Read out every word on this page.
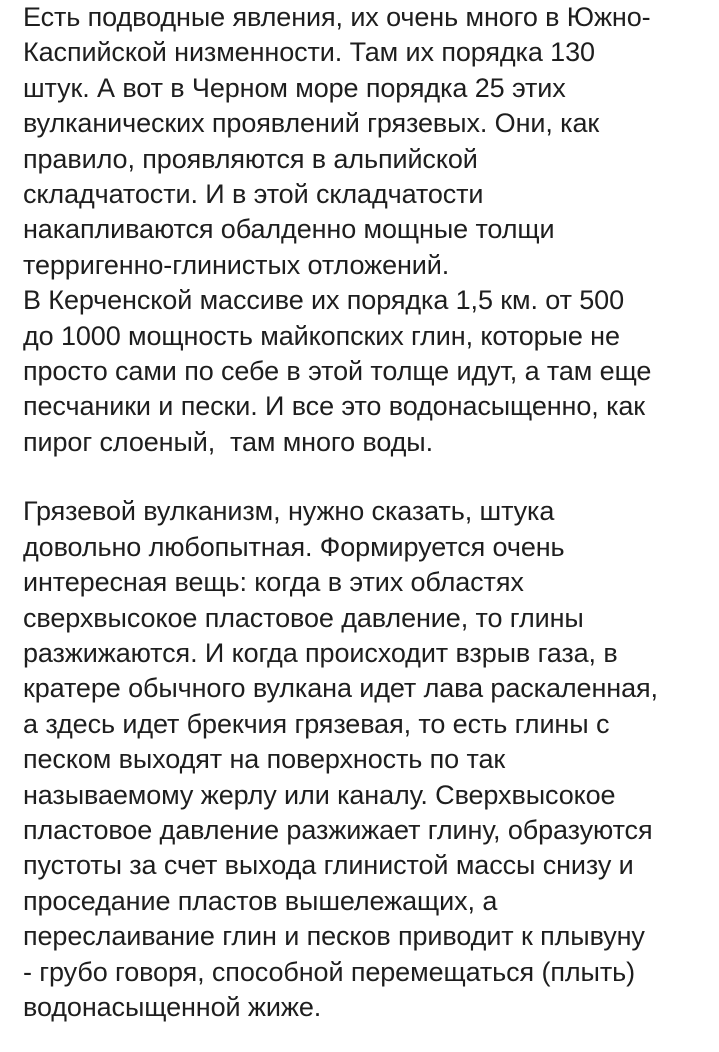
Есть подводные явления, их очень много в Южно-
Каспийской низменности. Там их порядка 130
штук. А вот в Черном море порядка 25 этих
вулканических проявлений грязевых. Они, как
правило, проявляются в альпийской
складчатости. И в этой складчатости
накапливаются обалденно мощные толщи
терригенно-глинистых отложений.
В Керченской массиве их порядка 1,5 км. от 500
до 1000 мощность майкопских глин, которые не
просто сами по себе в этой толще идут, а там еще
песчаники и пески. И все это водонасыщенно, как
пирог слоеный,  там много воды.
Грязевой вулканизм, нужно сказать, штука
довольно любопытная. Формируется очень
интересная вещь: когда в этих областях
сверхвысокое пластовое давление, то глины
разжижаются. И когда происходит взрыв газа, в
кратере обычного вулкана идет лава раскаленная,
а здесь идет брекчия грязевая, то есть глины с
песком выходят на поверхность по так
называемому жерлу или каналу. Сверхвысокое
пластовое давление разжижает глину, образуются
пустоты за счет выхода глинистой массы снизу и
проседание пластов вышележащих, а
переслаивание глин и песков приводит к плывуну
- грубо говоря, способной перемещаться (плыть)
водонасыщенной жиже.
